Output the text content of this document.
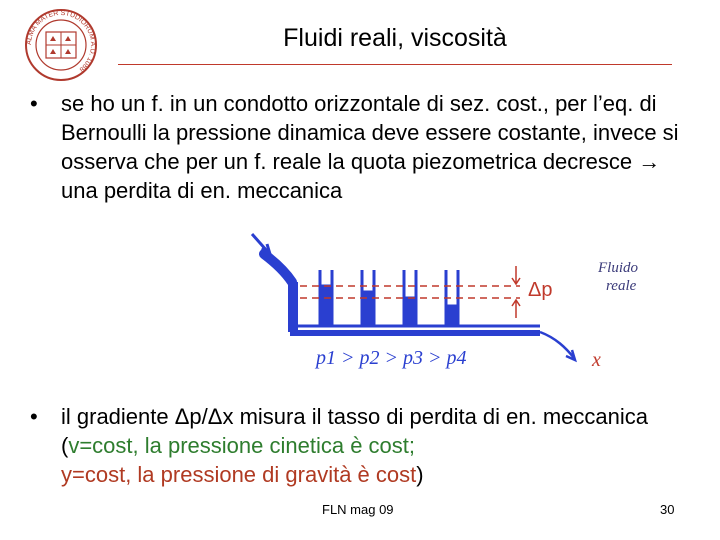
ALMA MATER STUDIORUM A.D. 1088
Fluidi reali, viscosità
• se ho un f. in un condotto orizzontale di sez. cost., per l’eq. di Bernoulli la pressione dinamica deve essere costante, invece si osserva che per un f. reale la quota piezometrica decresce → una perdita di en. meccanica
Δp
Fluido
reale
p1 > p2 > p3 > p4	x
• il gradiente Δp/Δx misura il tasso di perdita di en. meccanica (v=cost, la pressione cinetica è cost;
y=cost, la pressione di gravità è cost)
FLN mag 09	30
